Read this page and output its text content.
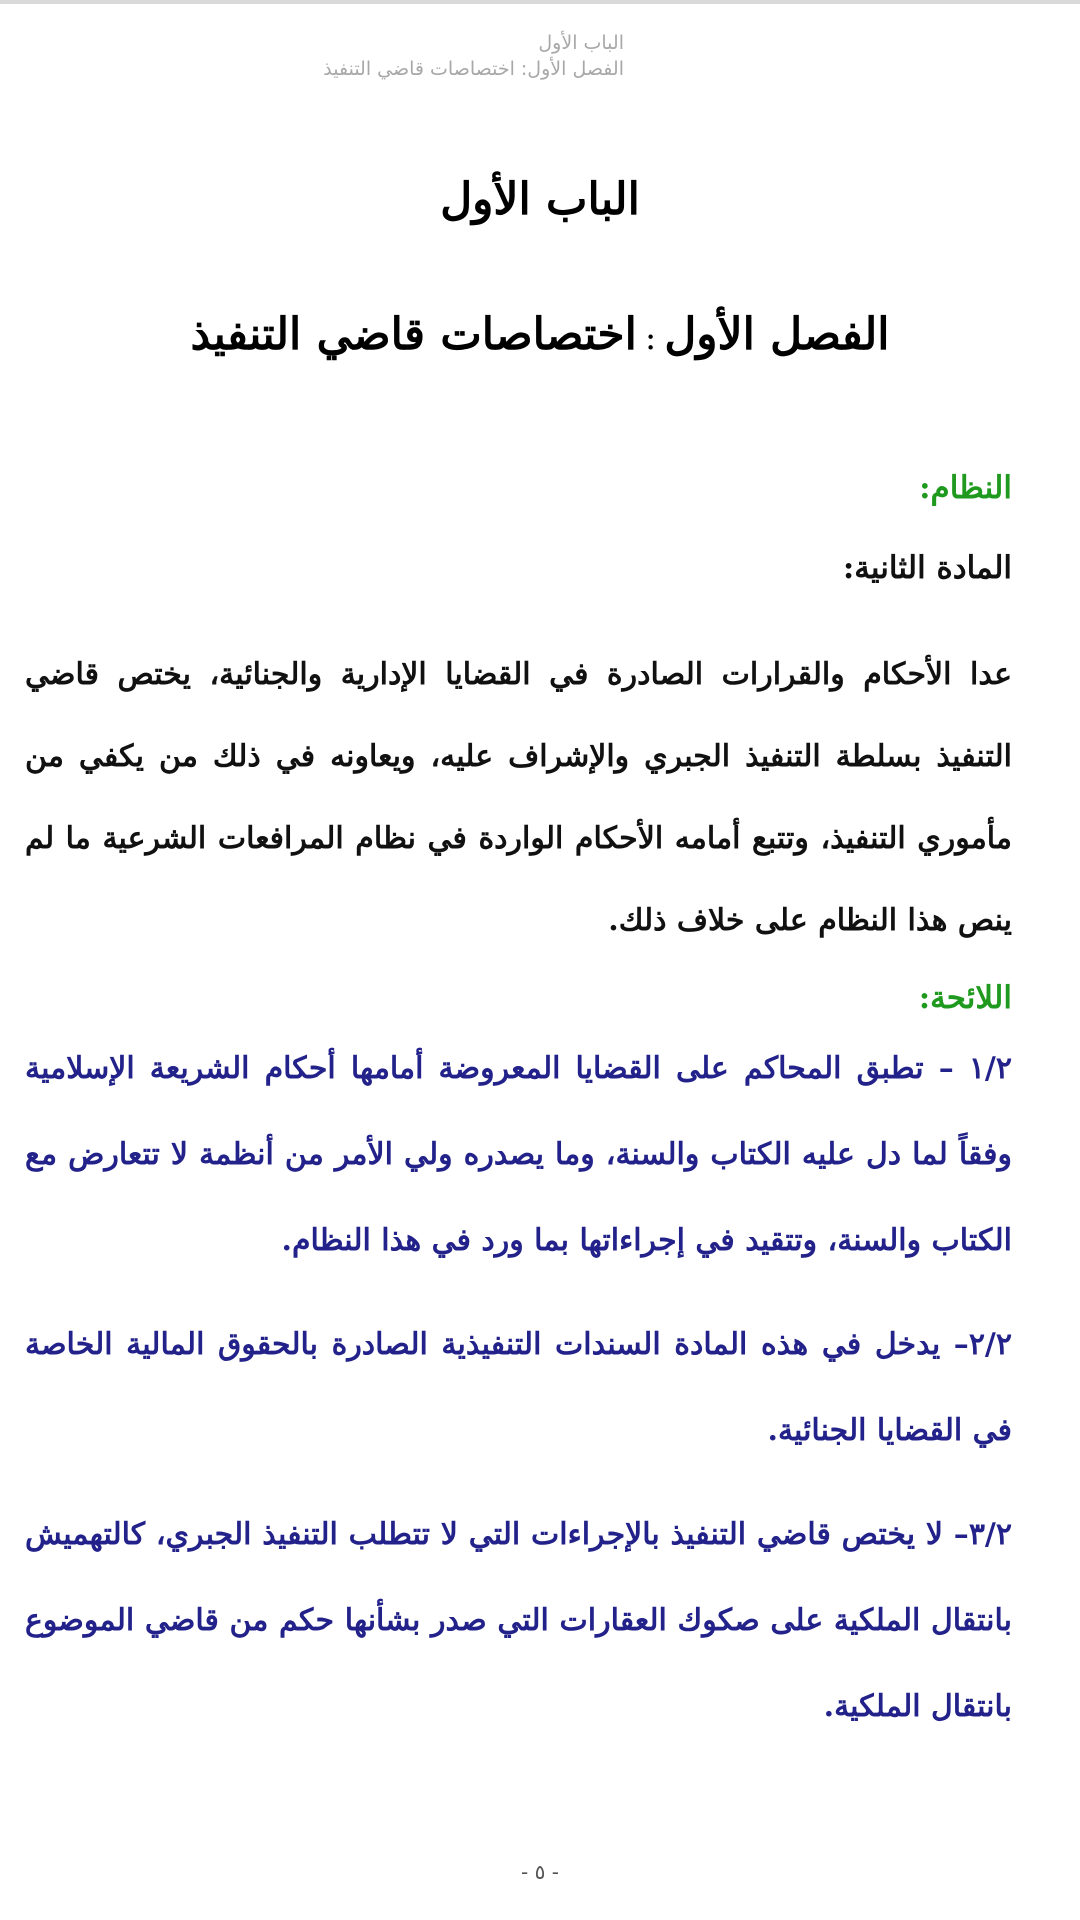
الباب الأول
الفصل الأول: اختصاصات قاضي التنفيذ
الباب الأول
الفصل الأول:اختصاصات قاضي التنفيذ

النظام:

المادة الثانية:

عدا الأحكام والقرارات الصادرة في القضايا الإدارية والجنائية، يختص قاضي التنفيذ بسلطة التنفيذ الجبري والإشراف عليه، ويعاونه في ذلك من يكفي من مأموري التنفيذ، وتتبع أمامه الأحكام الواردة في نظام المرافعات الشرعية ما لم ينص هذا النظام على خلاف ذلك.

اللائحة:

١/٢ – تطبق المحاكم على القضايا المعروضة أمامها أحكام الشريعة الإسلامية وفقاً لما دل عليه الكتاب والسنة، وما يصدره ولي الأمر من أنظمة لا تتعارض مع الكتاب والسنة، وتتقيد في إجراءاتها بما ورد في هذا النظام.

٢/٢– يدخل في هذه المادة السندات التنفيذية الصادرة بالحقوق المالية الخاصة في القضايا الجنائية.

٣/٢– لا يختص قاضي التنفيذ بالإجراءات التي لا تتطلب التنفيذ الجبري، كالتهميش بانتقال الملكية على صكوك العقارات التي صدر بشأنها حكم من قاضي الموضوع بانتقال الملكية.

- ٥ -
